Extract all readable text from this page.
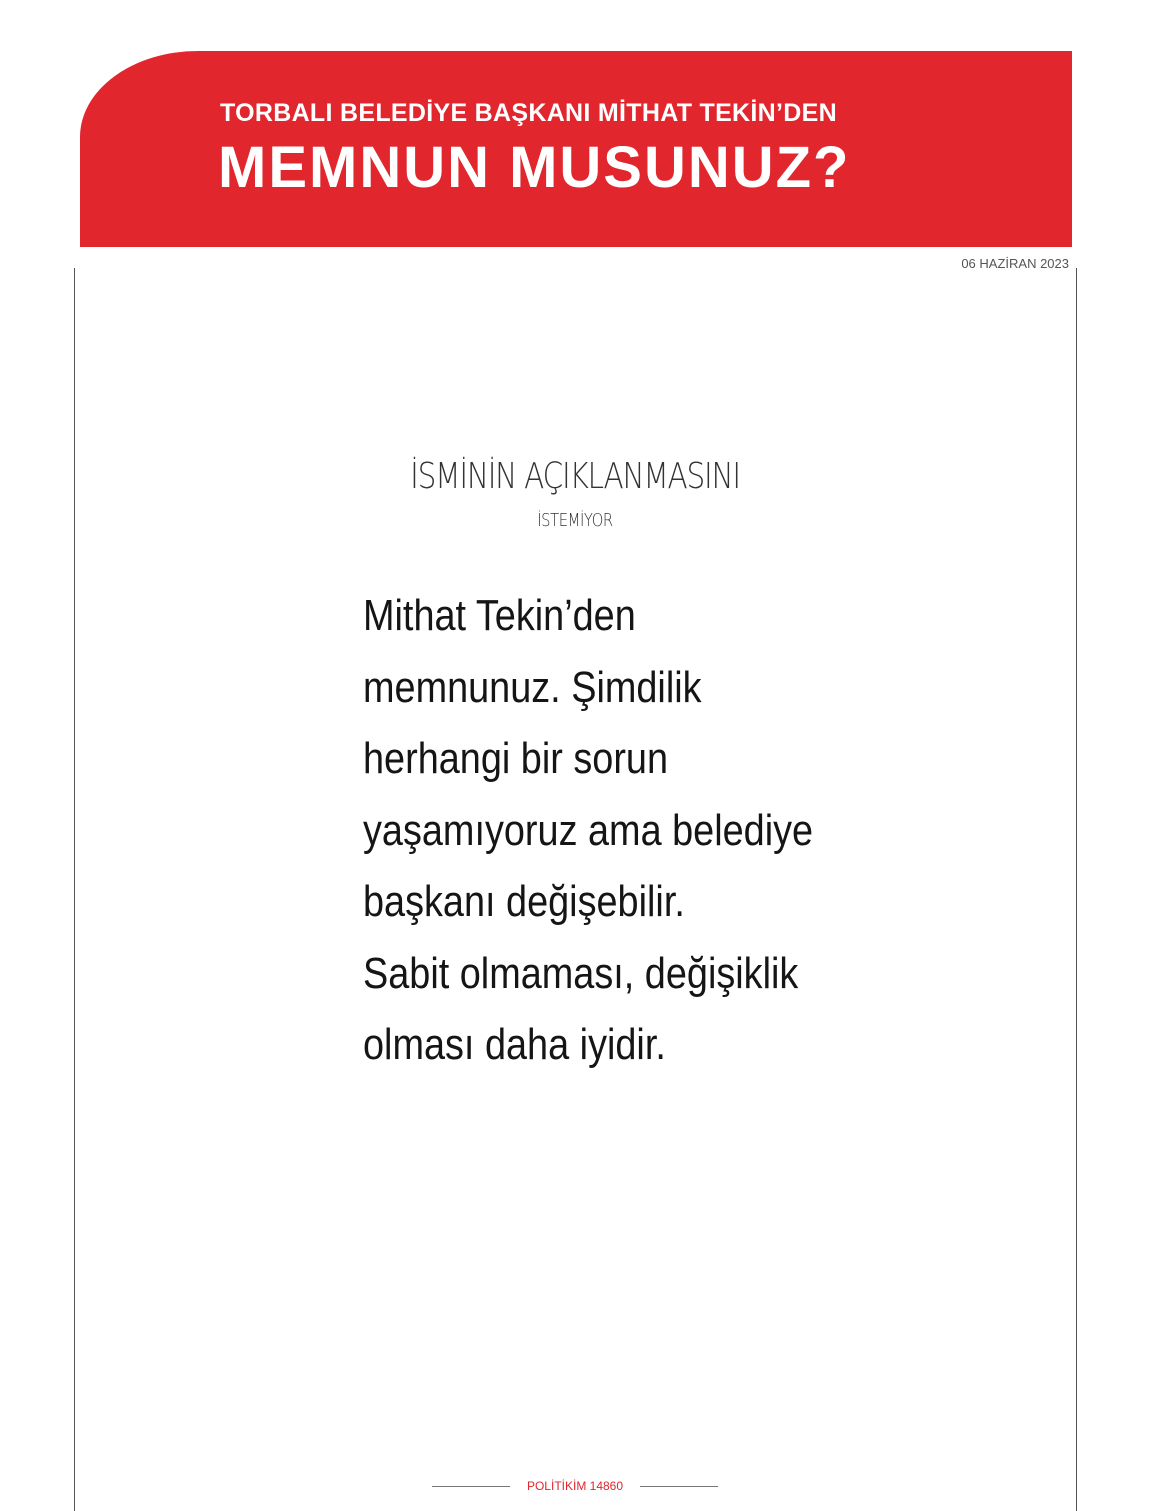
TORBALI BELEDİYE BAŞKANI MİTHAT TEKİN’DEN
MEMNUN MUSUNUZ?
06 HAZİRAN 2023
İSMİNİN AÇIKLANMASINI
İSTEMİYOR
Mithat Tekin’den
memnunuz. Şimdilik
herhangi bir sorun
yaşamıyoruz ama belediye
başkanı değişebilir.
Sabit olmaması, değişiklik
olması daha iyidir.
POLİTİKİM 14860
